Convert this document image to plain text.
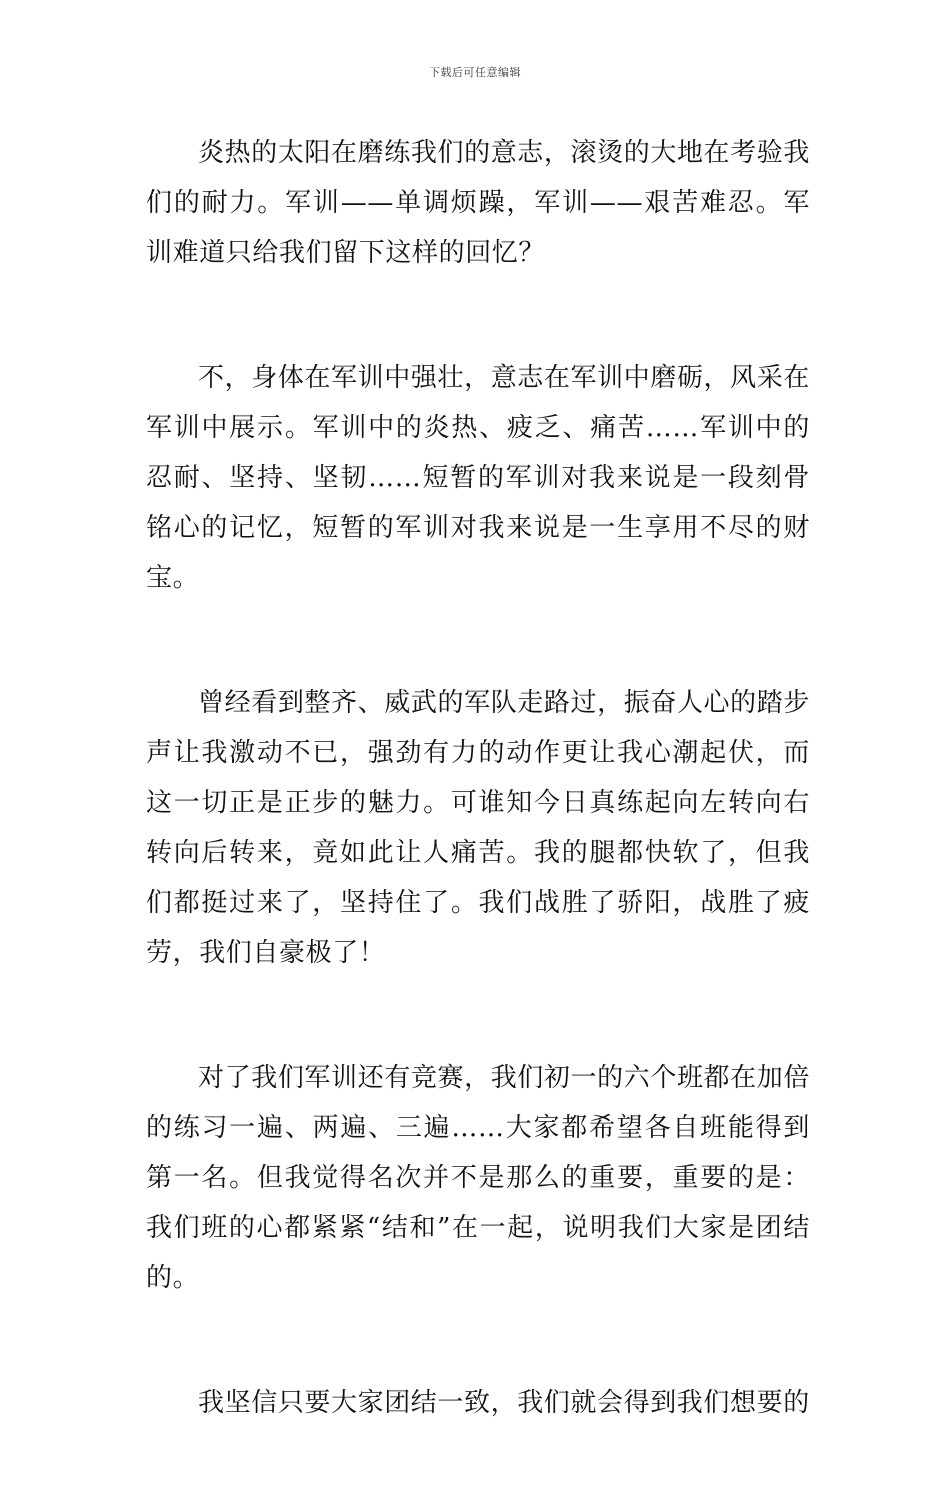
下载后可任意编辑

炎热的太阳在磨练我们的意志，滚烫的大地在考验我们的耐力。军训——单调烦躁，军训——艰苦难忍。军训难道只给我们留下这样的回忆？

不，身体在军训中强壮，意志在军训中磨砺，风采在军训中展示。军训中的炎热、疲乏、痛苦……军训中的忍耐、坚持、坚韧……短暂的军训对我来说是一段刻骨铭心的记忆，短暂的军训对我来说是一生享用不尽的财宝。

曾经看到整齐、威武的军队走路过，振奋人心的踏步声让我激动不已，强劲有力的动作更让我心潮起伏，而这一切正是正步的魅力。可谁知今日真练起向左转向右转向后转来，竟如此让人痛苦。我的腿都快软了，但我们都挺过来了，坚持住了。我们战胜了骄阳，战胜了疲劳，我们自豪极了！

对了我们军训还有竞赛，我们初一的六个班都在加倍的练习一遍、两遍、三遍……大家都希望各自班能得到第一名。但我觉得名次并不是那么的重要，重要的是：我们班的心都紧紧“结和”在一起，说明我们大家是团结的。

我坚信只要大家团结一致，我们就会得到我们想要的
